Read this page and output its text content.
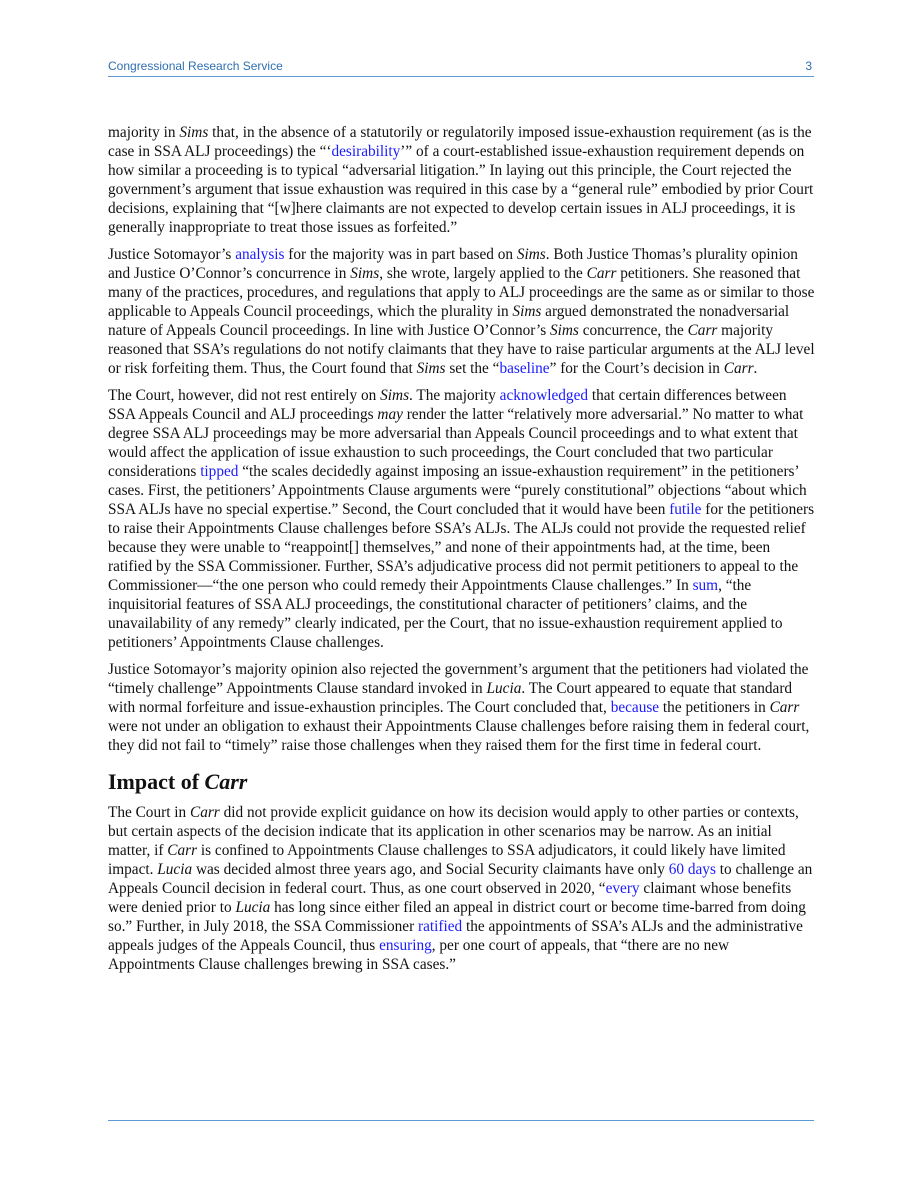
Congressional Research Service	3

majority in Sims that, in the absence of a statutorily or regulatorily imposed issue-exhaustion requirement (as is the case in SSA ALJ proceedings) the “‘desirability’” of a court-established issue-exhaustion requirement depends on how similar a proceeding is to typical “adversarial litigation.” In laying out this principle, the Court rejected the government’s argument that issue exhaustion was required in this case by a “general rule” embodied by prior Court decisions, explaining that “[w]here claimants are not expected to develop certain issues in ALJ proceedings, it is generally inappropriate to treat those issues as forfeited.”

Justice Sotomayor’s analysis for the majority was in part based on Sims. Both Justice Thomas’s plurality opinion and Justice O’Connor’s concurrence in Sims, she wrote, largely applied to the Carr petitioners. She reasoned that many of the practices, procedures, and regulations that apply to ALJ proceedings are the same as or similar to those applicable to Appeals Council proceedings, which the plurality in Sims argued demonstrated the nonadversarial nature of Appeals Council proceedings. In line with Justice O’Connor’s Sims concurrence, the Carr majority reasoned that SSA’s regulations do not notify claimants that they have to raise particular arguments at the ALJ level or risk forfeiting them. Thus, the Court found that Sims set the “baseline” for the Court’s decision in Carr.

The Court, however, did not rest entirely on Sims. The majority acknowledged that certain differences between SSA Appeals Council and ALJ proceedings may render the latter “relatively more adversarial.” No matter to what degree SSA ALJ proceedings may be more adversarial than Appeals Council proceedings and to what extent that would affect the application of issue exhaustion to such proceedings, the Court concluded that two particular considerations tipped “the scales decidedly against imposing an issue-exhaustion requirement” in the petitioners’ cases. First, the petitioners’ Appointments Clause arguments were “purely constitutional” objections “about which SSA ALJs have no special expertise.” Second, the Court concluded that it would have been futile for the petitioners to raise their Appointments Clause challenges before SSA’s ALJs. The ALJs could not provide the requested relief because they were unable to “reappoint[] themselves,” and none of their appointments had, at the time, been ratified by the SSA Commissioner. Further, SSA’s adjudicative process did not permit petitioners to appeal to the Commissioner—“the one person who could remedy their Appointments Clause challenges.” In sum, “the inquisitorial features of SSA ALJ proceedings, the constitutional character of petitioners’ claims, and the unavailability of any remedy” clearly indicated, per the Court, that no issue-exhaustion requirement applied to petitioners’ Appointments Clause challenges.

Justice Sotomayor’s majority opinion also rejected the government’s argument that the petitioners had violated the “timely challenge” Appointments Clause standard invoked in Lucia. The Court appeared to equate that standard with normal forfeiture and issue-exhaustion principles. The Court concluded that, because the petitioners in Carr were not under an obligation to exhaust their Appointments Clause challenges before raising them in federal court, they did not fail to “timely” raise those challenges when they raised them for the first time in federal court.

Impact of Carr

The Court in Carr did not provide explicit guidance on how its decision would apply to other parties or contexts, but certain aspects of the decision indicate that its application in other scenarios may be narrow. As an initial matter, if Carr is confined to Appointments Clause challenges to SSA adjudicators, it could likely have limited impact. Lucia was decided almost three years ago, and Social Security claimants have only 60 days to challenge an Appeals Council decision in federal court. Thus, as one court observed in 2020, “every claimant whose benefits were denied prior to Lucia has long since either filed an appeal in district court or become time-barred from doing so.” Further, in July 2018, the SSA Commissioner ratified the appointments of SSA’s ALJs and the administrative appeals judges of the Appeals Council, thus ensuring, per one court of appeals, that “there are no new Appointments Clause challenges brewing in SSA cases.”
